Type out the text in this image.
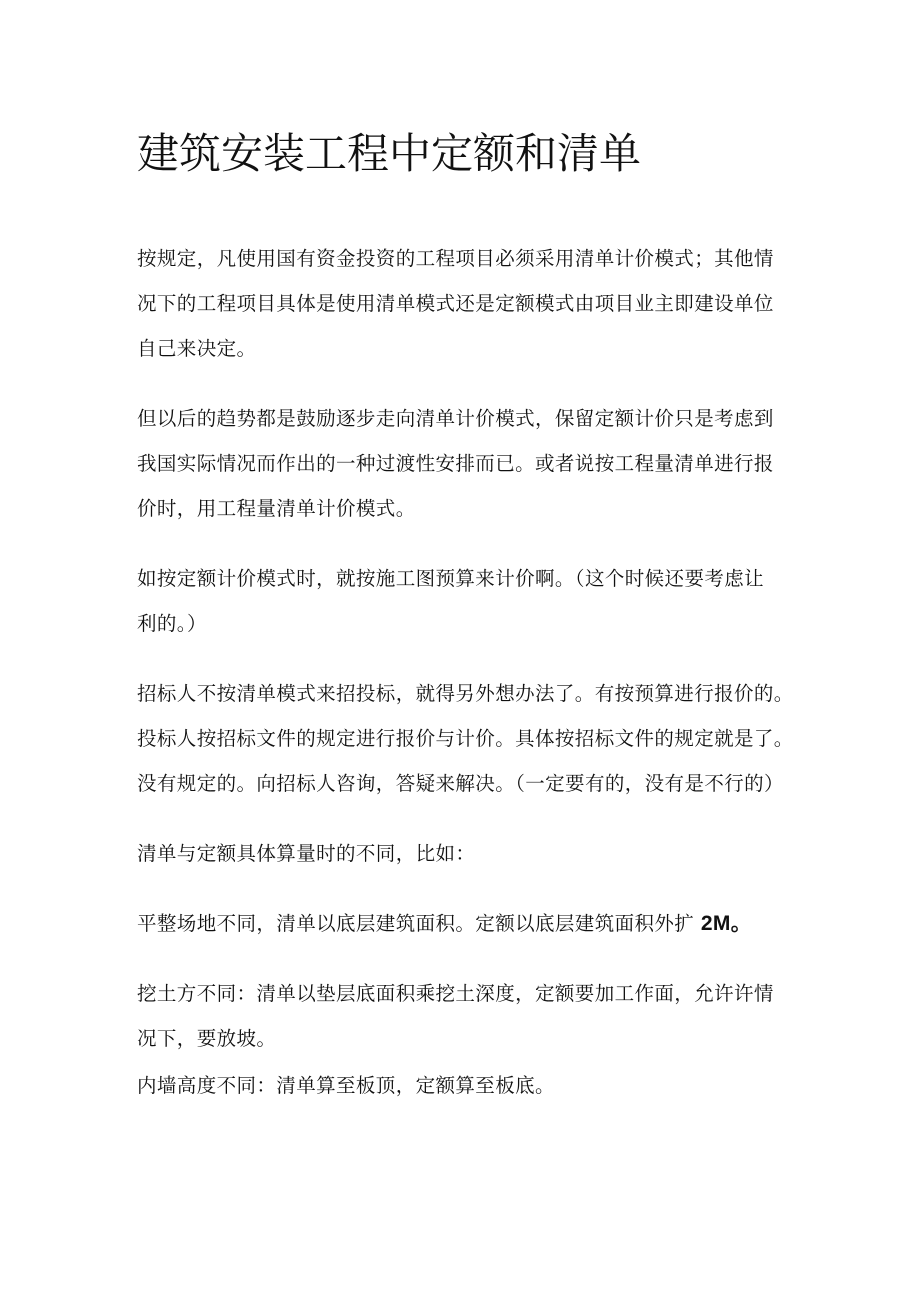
建筑安装工程中定额和清单
按规定，凡使用国有资金投资的工程项目必须采用清单计价模式；其他情
况下的工程项目具体是使用清单模式还是定额模式由项目业主即建设单位
自己来决定。
但以后的趋势都是鼓励逐步走向清单计价模式，保留定额计价只是考虑到
我国实际情况而作出的一种过渡性安排而已。或者说按工程量清单进行报
价时，用工程量清单计价模式。
如按定额计价模式时，就按施工图预算来计价啊。（这个时候还要考虑让
利的。）
招标人不按清单模式来招投标，就得另外想办法了。有按预算进行报价的。
投标人按招标文件的规定进行报价与计价。具体按招标文件的规定就是了。
没有规定的。向招标人咨询，答疑来解决。（一定要有的，没有是不行的）
清单与定额具体算量时的不同，比如：
平整场地不同，清单以底层建筑面积。定额以底层建筑面积外扩 2M。
挖土方不同：清单以垫层底面积乘挖土深度，定额要加工作面，允许许情
况下，要放坡。
内墙高度不同：清单算至板顶，定额算至板底。
